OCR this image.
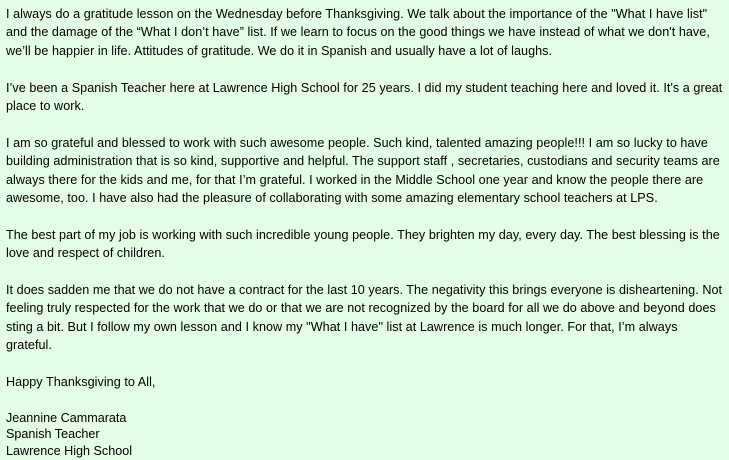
I always do a gratitude lesson on the Wednesday before Thanksgiving. We talk about the importance of the "What I have list" and the damage of the “What I don’t have” list. If we learn to focus on the good things we have instead of what we don't have, we’ll be happier in life. Attitudes of gratitude. We do it in Spanish and usually have a lot of laughs.

I’ve been a Spanish Teacher here at Lawrence High School for 25 years. I did my student teaching here and loved it. It's a great place to work.

I am so grateful and blessed to work with such awesome people. Such kind, talented amazing people!!! I am so lucky to have building administration that is so kind, supportive and helpful. The support staff , secretaries, custodians and security teams are always there for the kids and me, for that I’m grateful. I worked in the Middle School one year and know the people there are awesome, too. I have also had the pleasure of collaborating with some amazing elementary school teachers at LPS.

The best part of my job is working with such incredible young people. They brighten my day, every day. The best blessing is the love and respect of children.

It does sadden me that we do not have a contract for the last 10 years. The negativity this brings everyone is disheartening. Not feeling truly respected for the work that we do or that we are not recognized by the board for all we do above and beyond does sting a bit. But I follow my own lesson and I know my "What I have" list at Lawrence is much longer. For that, I’m always grateful.

Happy Thanksgiving to All,

Jeannine Cammarata

Spanish Teacher

Lawrence High School
